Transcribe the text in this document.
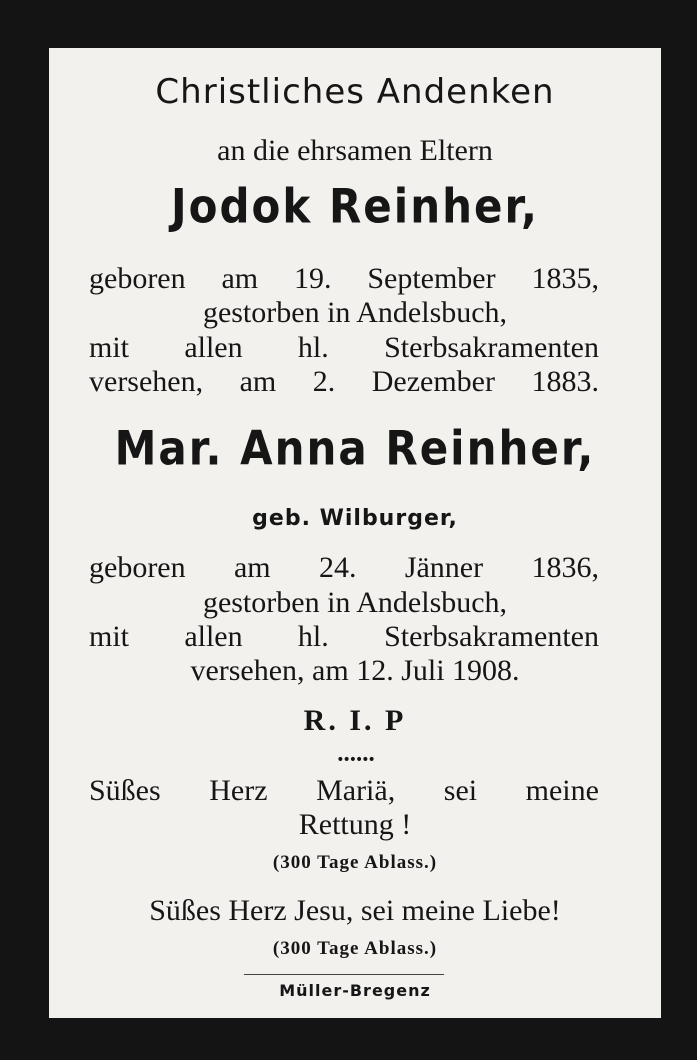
Christliches Andenken
an die ehrsamen Eltern
Jodok Reinher,
geboren am 19. September 1835,
gestorben in Andelsbuch,
mit allen hl. Sterbsakramenten
versehen, am 2. Dezember 1883.
Mar. Anna Reinher,
geb. Wilburger,
geboren am 24. Jänner 1836,
gestorben in Andelsbuch,
mit allen hl. Sterbsakramenten
versehen, am 12. Juli 1908.
R. I. P
••••••
Süßes Herz Mariä, sei meine
Rettung !
(300 Tage Ablass.)
Süßes Herz Jesu, sei meine Liebe!
(300 Tage Ablass.)
Müller-Bregenz
